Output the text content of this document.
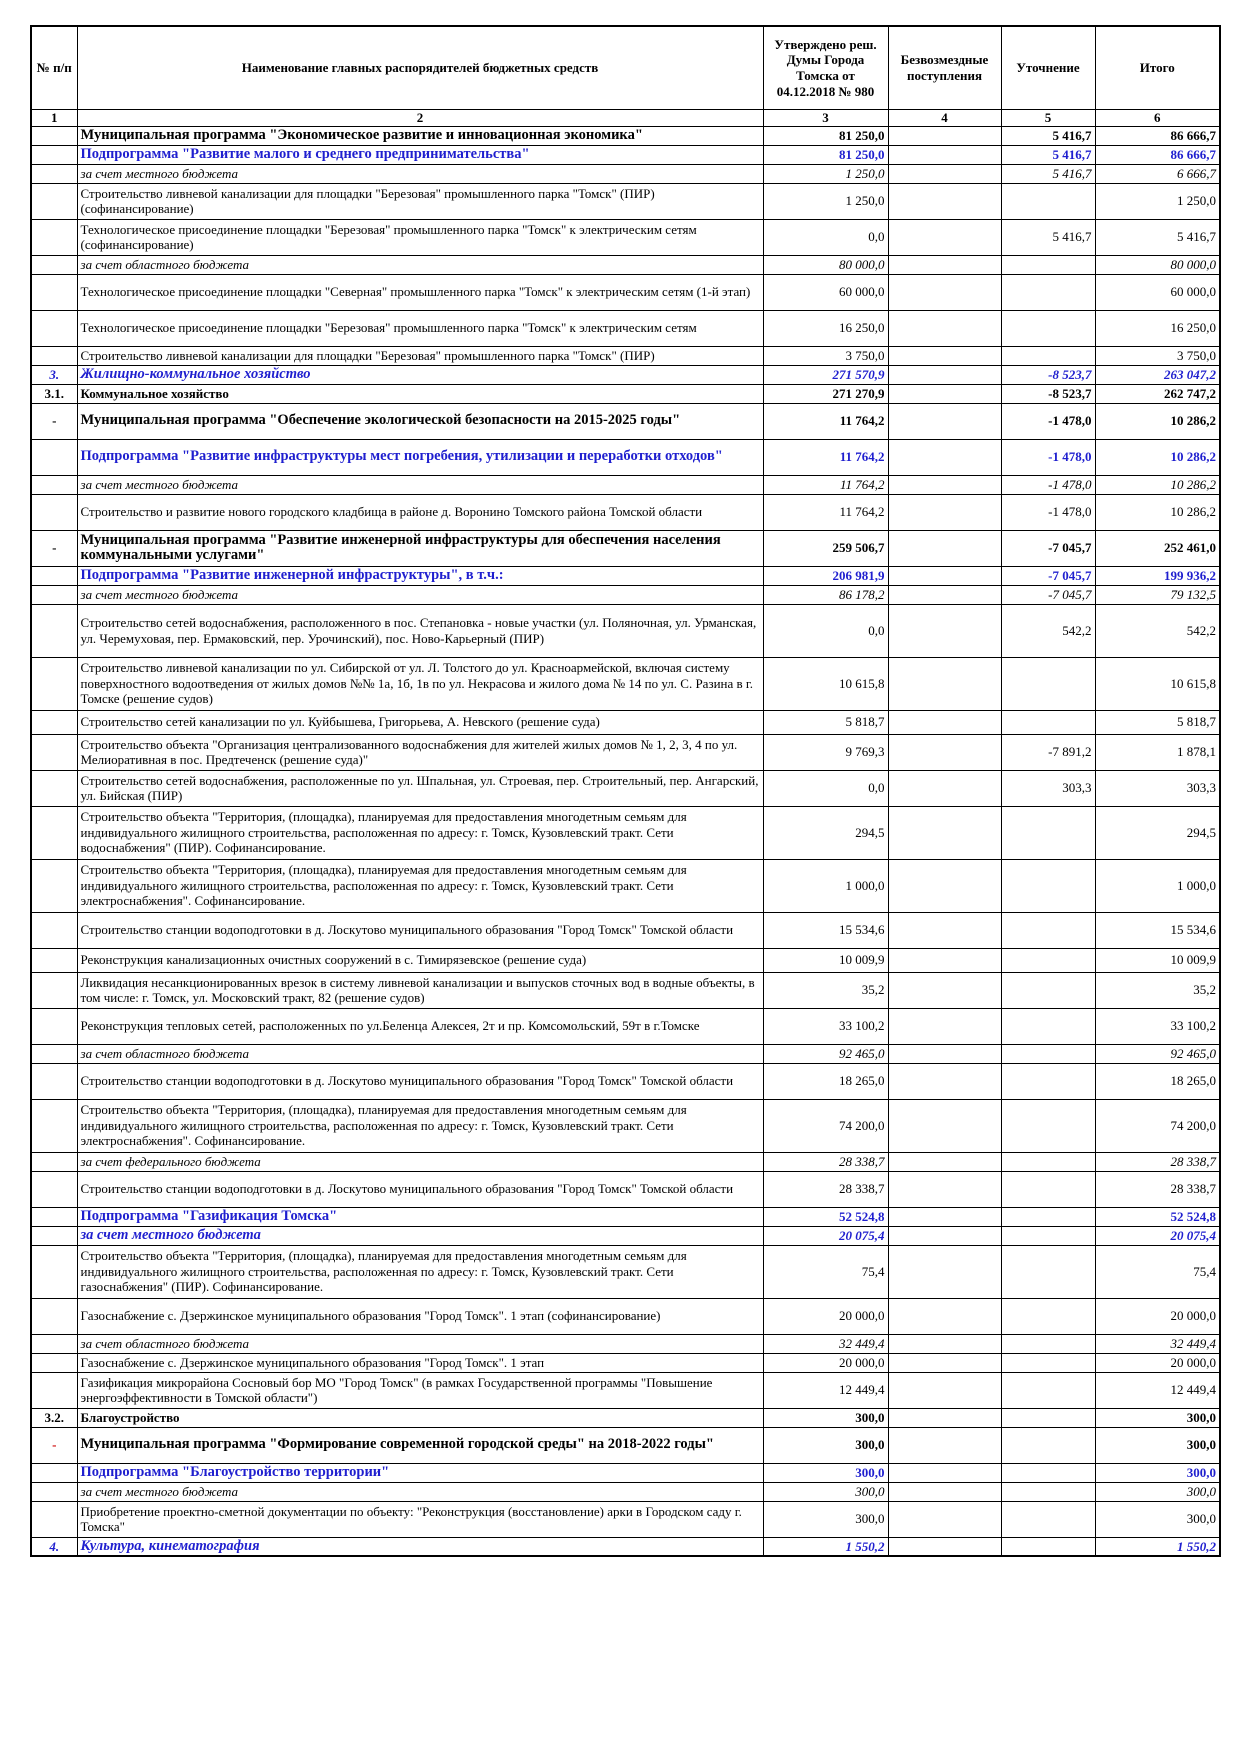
№ п/п	Наименование главных распорядителей бюджетных средств	Утверждено реш. Думы Города Томска от 04.12.2018 № 980	Безвозмездные поступления	Уточнение	Итого
1	2	3	4	5	6
	Муниципальная программа "Экономическое развитие и инновационная экономика"	81 250,0		5 416,7	86 666,7
	Подпрограмма "Развитие малого и среднего предпринимательства"	81 250,0		5 416,7	86 666,7
	за счет местного бюджета	1 250,0		5 416,7	6 666,7
	Строительство ливневой канализации для площадки "Березовая" промышленного парка "Томск" (ПИР) (софинансирование)	1 250,0			1 250,0
	Технологическое присоединение площадки "Березовая" промышленного парка "Томск" к электрическим сетям (софинансирование)	0,0		5 416,7	5 416,7
	за счет областного бюджета	80 000,0			80 000,0
	Технологическое присоединение площадки "Северная" промышленного парка "Томск" к электрическим сетям (1-й этап)	60 000,0			60 000,0
	Технологическое присоединение площадки "Березовая" промышленного парка "Томск" к электрическим сетям	16 250,0			16 250,0
	Строительство ливневой канализации для площадки "Березовая" промышленного парка "Томск" (ПИР)	3 750,0			3 750,0
3.	Жилищно-коммунальное хозяйство	271 570,9		-8 523,7	263 047,2
3.1.	Коммунальное хозяйство	271 270,9		-8 523,7	262 747,2
-	Муниципальная программа "Обеспечение экологической безопасности на 2015-2025 годы"	11 764,2		-1 478,0	10 286,2
	Подпрограмма "Развитие инфраструктуры мест погребения, утилизации и переработки отходов"	11 764,2		-1 478,0	10 286,2
	за счет местного бюджета	11 764,2		-1 478,0	10 286,2
	Строительство и развитие нового городского кладбища в районе д. Воронино Томского района Томской области	11 764,2		-1 478,0	10 286,2
-	Муниципальная программа "Развитие инженерной инфраструктуры для обеспечения населения коммунальными услугами"	259 506,7		-7 045,7	252 461,0
	Подпрограмма "Развитие инженерной инфраструктуры", в т.ч.:	206 981,9		-7 045,7	199 936,2
	за счет местного бюджета	86 178,2		-7 045,7	79 132,5
	Строительство сетей водоснабжения, расположенного в пос. Степановка - новые участки (ул. Поляночная, ул. Урманская, ул. Черемуховая, пер. Ермаковский, пер. Урочинский), пос. Ново-Карьерный (ПИР)	0,0		542,2	542,2
	Строительство ливневой канализации по ул. Сибирской от ул. Л. Толстого до ул. Красноармейской, включая систему поверхностного водоотведения от жилых домов №№ 1а, 1б, 1в по ул. Некрасова и жилого дома № 14 по ул. С. Разина в г. Томске (решение судов)	10 615,8			10 615,8
	Строительство сетей канализации по ул. Куйбышева, Григорьева, А. Невского (решение суда)	5 818,7			5 818,7
	Строительство объекта "Организация централизованного водоснабжения для жителей жилых домов № 1, 2, 3, 4 по ул. Мелиоративная в пос. Предтеченск (решение суда)"	9 769,3		-7 891,2	1 878,1
	Строительство сетей водоснабжения, расположенные по ул. Шпальная, ул. Строевая, пер. Строительный, пер. Ангарский, ул. Бийская (ПИР)	0,0		303,3	303,3
	Строительство объекта "Территория, (площадка), планируемая для предоставления многодетным семьям для индивидуального жилищного строительства, расположенная по адресу: г. Томск, Кузовлевский тракт. Сети водоснабжения" (ПИР). Софинансирование.	294,5			294,5
	Строительство объекта "Территория, (площадка), планируемая для предоставления многодетным семьям для индивидуального жилищного строительства, расположенная по адресу: г. Томск, Кузовлевский тракт. Сети электроснабжения". Софинансирование.	1 000,0			1 000,0
	Строительство станции водоподготовки в д. Лоскутово муниципального образования "Город Томск" Томской области	15 534,6			15 534,6
	Реконструкция канализационных очистных сооружений в с. Тимирязевское (решение суда)	10 009,9			10 009,9
	Ликвидация несанкционированных врезок в систему ливневой канализации и выпусков сточных вод в водные объекты, в том числе: г. Томск, ул. Московский тракт, 82 (решение судов)	35,2			35,2
	Реконструкция тепловых сетей, расположенных по ул.Беленца Алексея, 2т и пр. Комсомольский, 59т в г.Томске	33 100,2			33 100,2
	за счет областного бюджета	92 465,0			92 465,0
	Строительство станции водоподготовки в д. Лоскутово муниципального образования "Город Томск" Томской области	18 265,0			18 265,0
	Строительство объекта "Территория, (площадка), планируемая для предоставления многодетным семьям для индивидуального жилищного строительства, расположенная по адресу: г. Томск, Кузовлевский тракт. Сети электроснабжения". Софинансирование.	74 200,0			74 200,0
	за счет федерального бюджета	28 338,7			28 338,7
	Строительство станции водоподготовки в д. Лоскутово муниципального образования "Город Томск" Томской области	28 338,7			28 338,7
	Подпрограмма "Газификация Томска"	52 524,8			52 524,8
	за счет местного бюджета	20 075,4			20 075,4
	Строительство объекта "Территория, (площадка), планируемая для предоставления многодетным семьям для индивидуального жилищного строительства, расположенная по адресу: г. Томск, Кузовлевский тракт. Сети газоснабжения" (ПИР). Софинансирование.	75,4			75,4
	Газоснабжение с. Дзержинское муниципального образования "Город Томск". 1 этап (софинансирование)	20 000,0			20 000,0
	за счет областного бюджета	32 449,4			32 449,4
	Газоснабжение с. Дзержинское муниципального образования "Город Томск". 1 этап	20 000,0			20 000,0
	Газификация микрорайона Сосновый бор МО "Город Томск" (в рамках Государственной программы "Повышение энергоэффективности в Томской области")	12 449,4			12 449,4
3.2.	Благоустройство	300,0			300,0
-	Муниципальная программа "Формирование современной городской среды" на 2018-2022 годы"	300,0			300,0
	Подпрограмма "Благоустройство территории"	300,0			300,0
	за счет местного бюджета	300,0			300,0
	Приобретение проектно-сметной документации по объекту: "Реконструкция (восстановление) арки в Городском саду г. Томска"	300,0			300,0
4.	Культура, кинематография	1 550,2			1 550,2
